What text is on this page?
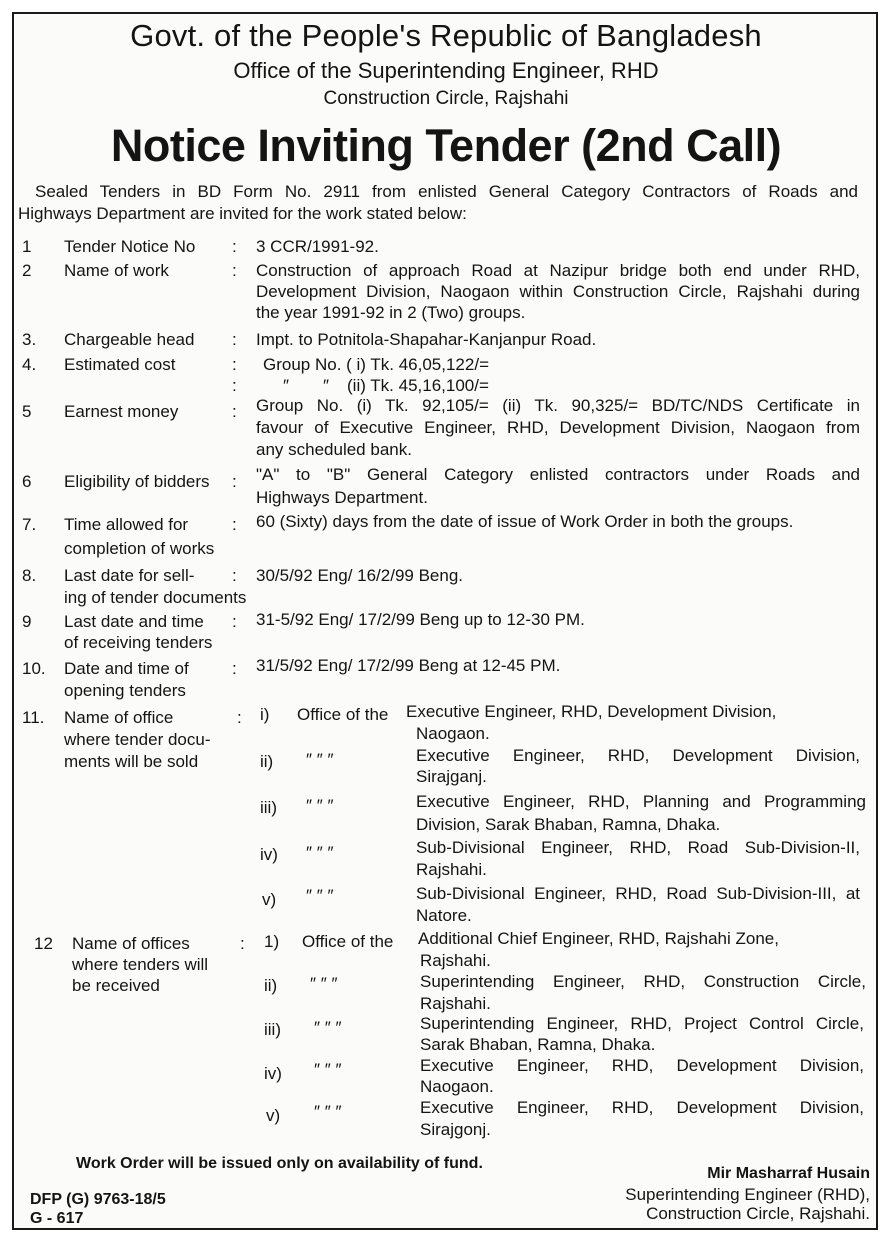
Govt. of the People's Republic of Bangladesh
Office of the Superintending Engineer, RHD
Construction Circle, Rajshahi
Notice Inviting Tender (2nd Call)
Sealed Tenders in BD Form No. 2911 from enlisted General Category Contractors of Roads and
Highways Department are invited for the work stated below:
1 Tender Notice No : 3 CCR/1991-92.
2 Name of work	: Construction of approach Road at Nazipur bridge both end under RHD,
Development Division, Naogaon within Construction Circle, Rajshahi during
the year 1991-92 in 2 (Two) groups.
3. Chargeable head : Impt. to Potnitola-Shapahar-Kanjanpur Road.
4. Estimated cost	: Group No. ( i) Tk. 46,05,122/=
:	″ ″ (ii) Tk. 45,16,100/=
5 Earnest money	: Group No. (i) Tk. 92,105/= (ii) Tk. 90,325/= BD/TC/NDS Certificate in
favour of Executive Engineer, RHD, Development Division, Naogaon from
any scheduled bank.
6 Eligibility of bidders : "A" to "B" General Category enlisted contractors under Roads and
Highways Department.
7. Time allowed for
completion of works
: 60 (Sixty) days from the date of issue of Work Order in both the groups.
8. Last date for sell-
ing of tender documents
: 30/5/92 Eng/ 16/2/99 Beng.
9 Last date and time
of receiving tenders
: 31-5/92 Eng/ 17/2/99 Beng up to 12-30 PM.
10. Date and time of
opening tenders
: 31/5/92 Eng/ 17/2/99 Beng at 12-45 PM.
11. Name of office
where tender docu-
ments will be sold
: i) Office of the Executive Engineer, RHD, Development Division,
Naogaon.
ii) ″ ″ ″	Executive Engineer, RHD, Development Division,
Sirajganj.
iii) ″ ″ ″	Executive Engineer, RHD, Planning and Programming
Division, Sarak Bhaban, Ramna, Dhaka.
iv) ″ ″ ″	Sub-Divisional Engineer, RHD, Road Sub-Division-II,
Rajshahi.
v) ″ ″ ″	Sub-Divisional Engineer, RHD, Road Sub-Division-III, at
Natore.
12 Name of offices
where tenders will
be received
: 1) Office of the Additional Chief Engineer, RHD, Rajshahi Zone,
Rajshahi.
ii) ″ ″ ″	Superintending Engineer, RHD, Construction Circle,
Rajshahi.
iii) ″ ″ ″	Superintending Engineer, RHD, Project Control Circle,
Sarak Bhaban, Ramna, Dhaka.
iv) ″ ″ ″	Executive Engineer, RHD, Development Division,
Naogaon.
v) ″ ″ ″	Executive Engineer, RHD, Development Division,
Sirajgonj.
Work Order will be issued only on availability of fund.
Mir Masharraf Husain
Superintending Engineer (RHD),
Construction Circle, Rajshahi.
DFP (G) 9763-18/5
G - 617
